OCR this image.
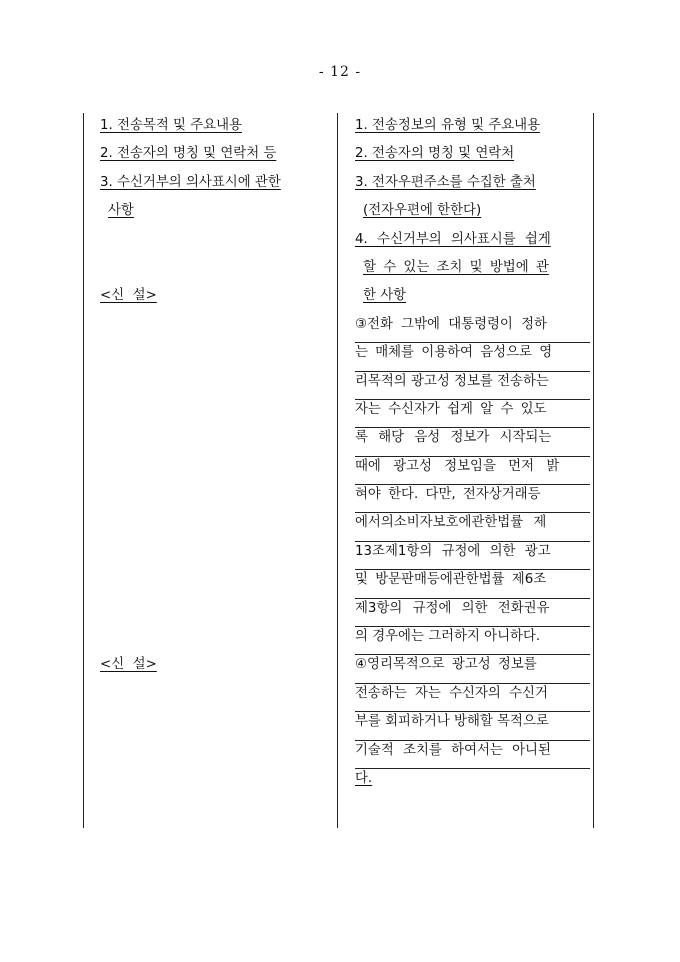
- 12 -
1. 전송목적 및 주요내용
2. 전송자의 명칭 및 연락처 등
3. 수신거부의 의사표시에 관한
사항
<신  설>
<신  설>
1. 전송정보의 유형 및 주요내용
2. 전송자의 명칭 및 연락처
3. 전자우편주소를 수집한 출처
(전자우편에 한한다)
4. 수신거부의 의사표시를 쉽게
할 수 있는 조치 및 방법에 관
한 사항
③전화 그밖에 대통령령이 정하
는 매체를 이용하여 음성으로 영
리목적의 광고성 정보를 전송하는
자는 수신자가 쉽게 알 수 있도
록 해당 음성 정보가 시작되는
때에 광고성 정보임을 먼저 밝
혀야 한다. 다만, 전자상거래등
에서의소비자보호에관한법률 제
13조제1항의 규정에 의한 광고
및 방문판매등에관한법률 제6조
제3항의 규정에 의한 전화권유
의 경우에는 그러하지 아니하다.
④영리목적으로 광고성 정보를
전송하는 자는 수신자의 수신거
부를 회피하거나 방해할 목적으로
기술적 조치를 하여서는 아니된
다.
